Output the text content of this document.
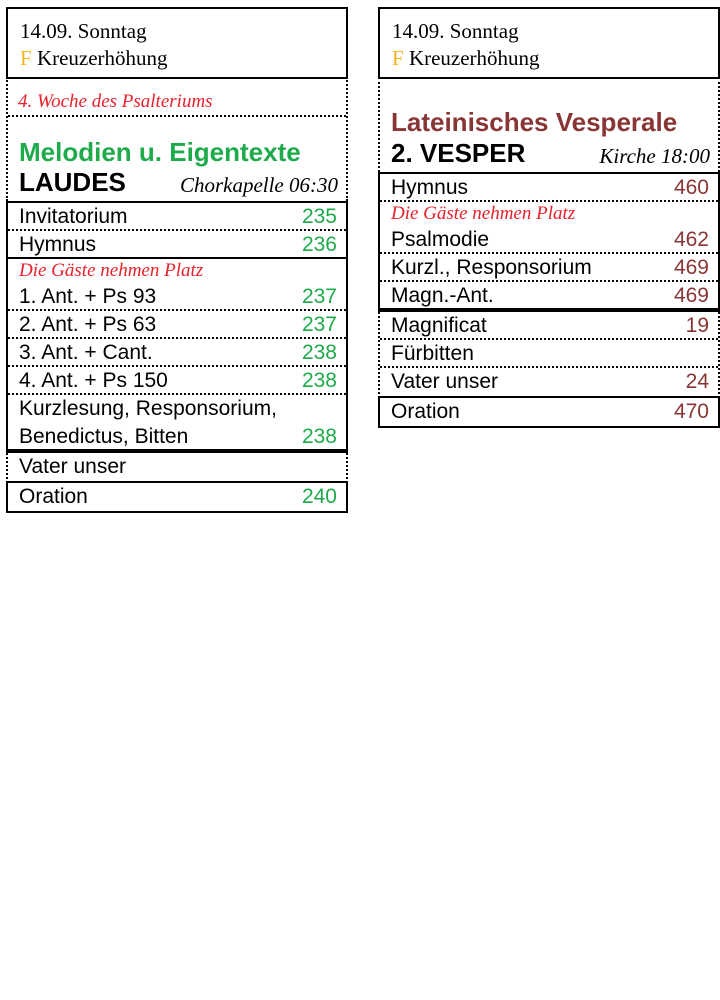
14.09. Sonntag
F Kreuzerhöhung
4. Woche des Psalteriums
Melodien u. Eigentexte
LAUDES	Chorkapelle 06:30
Invitatorium	235
Hymnus	236
Die Gäste nehmen Platz
1. Ant. + Ps 93	237
2. Ant. + Ps 63	237
3. Ant. + Cant.	238
4. Ant. + Ps 150	238
Kurzlesung, Responsorium,
Benedictus, Bitten	238
Vater unser
Oration	240
14.09. Sonntag
F Kreuzerhöhung
Lateinisches Vesperale
2. VESPER	Kirche 18:00
Hymnus	460
Die Gäste nehmen Platz
Psalmodie	462
Kurzl., Responsorium	469
Magn.-Ant.	469
Magnificat	19
Fürbitten
Vater unser	24
Oration	470
